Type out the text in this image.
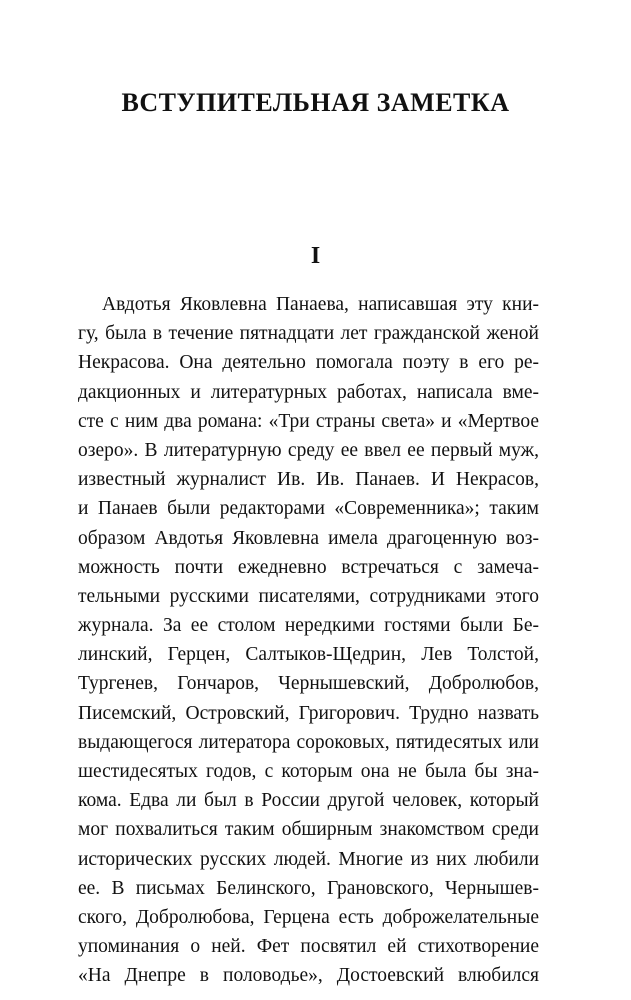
ВСТУПИТЕЛЬНАЯ ЗАМЕТКА
I
Авдотья Яковлевна Панаева, написавшая эту кни-
гу, была в течение пятнадцати лет гражданской женой
Некрасова. Она деятельно помогала поэту в его ре-
дакционных и литературных работах, написала вме-
сте с ним два романа: «Три страны света» и «Мертвое
озеро». В литературную среду ее ввел ее первый муж,
известный журналист Ив. Ив. Панаев. И Некрасов,
и Панаев были редакторами «Современника»; таким
образом Авдотья Яковлевна имела драгоценную воз-
можность почти ежедневно встречаться с замеча-
тельными русскими писателями, сотрудниками этого
журнала. За ее столом нередкими гостями были Бе-
линский, Герцен, Салтыков-Щедрин, Лев Толстой,
Тургенев, Гончаров, Чернышевский, Добролюбов,
Писемский, Островский, Григорович. Трудно назвать
выдающегося литератора сороковых, пятидесятых или
шестидесятых годов, с которым она не была бы зна-
кома. Едва ли был в России другой человек, который
мог похвалиться таким обширным знакомством среди
исторических русских людей. Многие из них любили
ее. В письмах Белинского, Грановского, Чернышев-
ского, Добролюбова, Герцена есть доброжелательные
упоминания о ней. Фет посвятил ей стихотворение
«На Днепре в половодье», Достоевский влюбился
